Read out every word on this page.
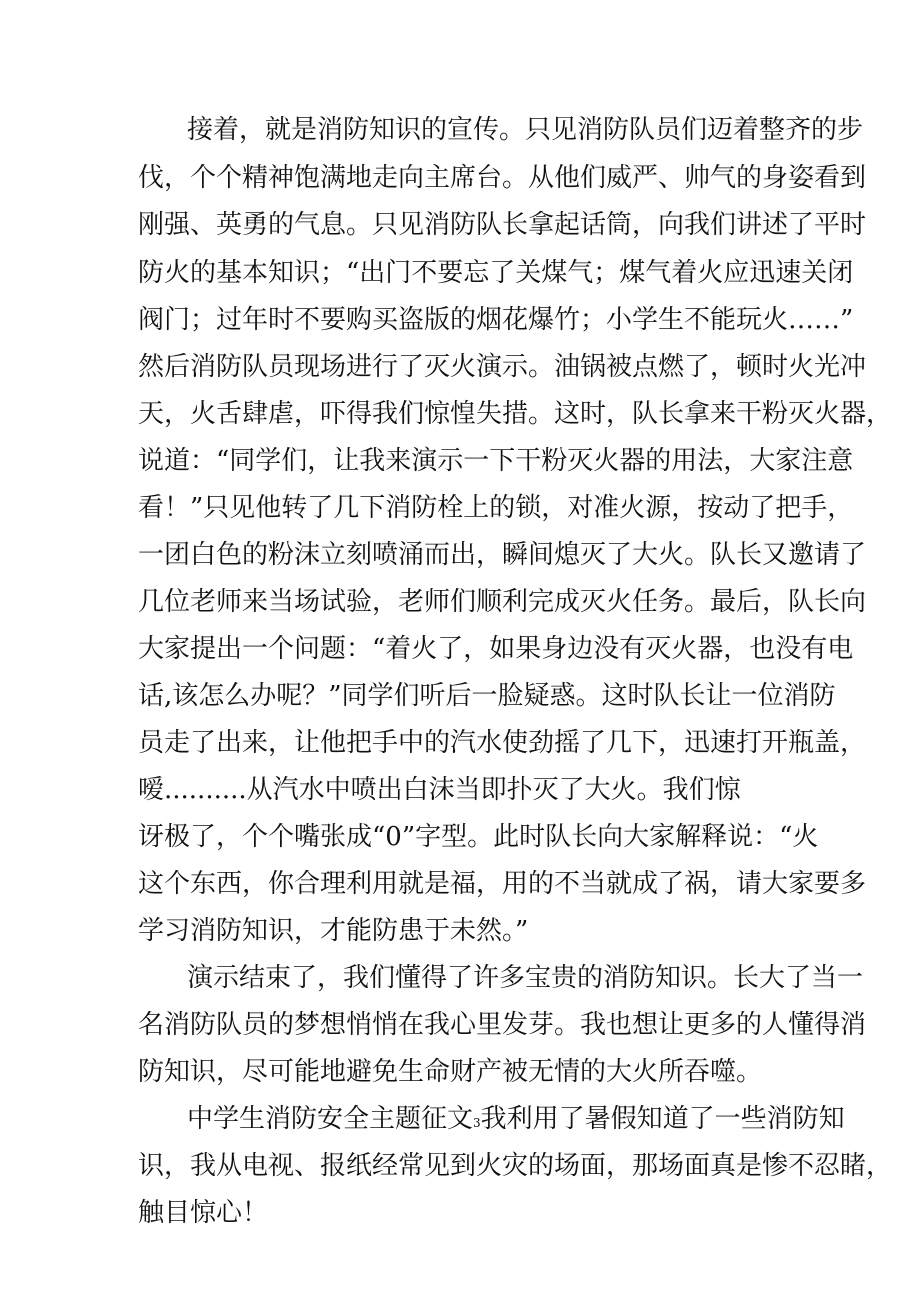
接着，就是消防知识的宣传。只见消防队员们迈着整齐的步
伐，个个精神饱满地走向主席台。从他们威严、帅气的身姿看到
刚强、英勇的气息。只见消防队长拿起话筒，向我们讲述了平时
防火的基本知识；“出门不要忘了关煤气；煤气着火应迅速关闭
阀门；过年时不要购买盗版的烟花爆竹；小学生不能玩火……”
然后消防队员现场进行了灭火演示。油锅被点燃了，顿时火光冲
天，火舌肆虐，吓得我们惊惶失措。这时，队长拿来干粉灭火器，
说道：“同学们，让我来演示一下干粉灭火器的用法，大家注意
看！”只见他转了几下消防栓上的锁，对准火源，按动了把手，
一团白色的粉沫立刻喷涌而出，瞬间熄灭了大火。队长又邀请了
几位老师来当场试验，老师们顺利完成灭火任务。最后，队长向
大家提出一个问题：“着火了，如果身边没有灭火器，也没有电
话,该怎么办呢？”同学们听后一脸疑惑。这时队长让一位消防
员走了出来，让他把手中的汽水使劲摇了几下，迅速打开瓶盖，
嗳..........从汽水中喷出白沫当即扑灭了大火。我们惊
讶极了，个个嘴张成“0”字型。此时队长向大家解释说：“火
这个东西，你合理利用就是福，用的不当就成了祸，请大家要多
学习消防知识，才能防患于未然。”
演示结束了，我们懂得了许多宝贵的消防知识。长大了当一
名消防队员的梦想悄悄在我心里发芽。我也想让更多的人懂得消
防知识，尽可能地避免生命财产被无情的大火所吞噬。
中学生消防安全主题征文3我利用了暑假知道了一些消防知
识，我从电视、报纸经常见到火灾的场面，那场面真是惨不忍睹，
触目惊心！
